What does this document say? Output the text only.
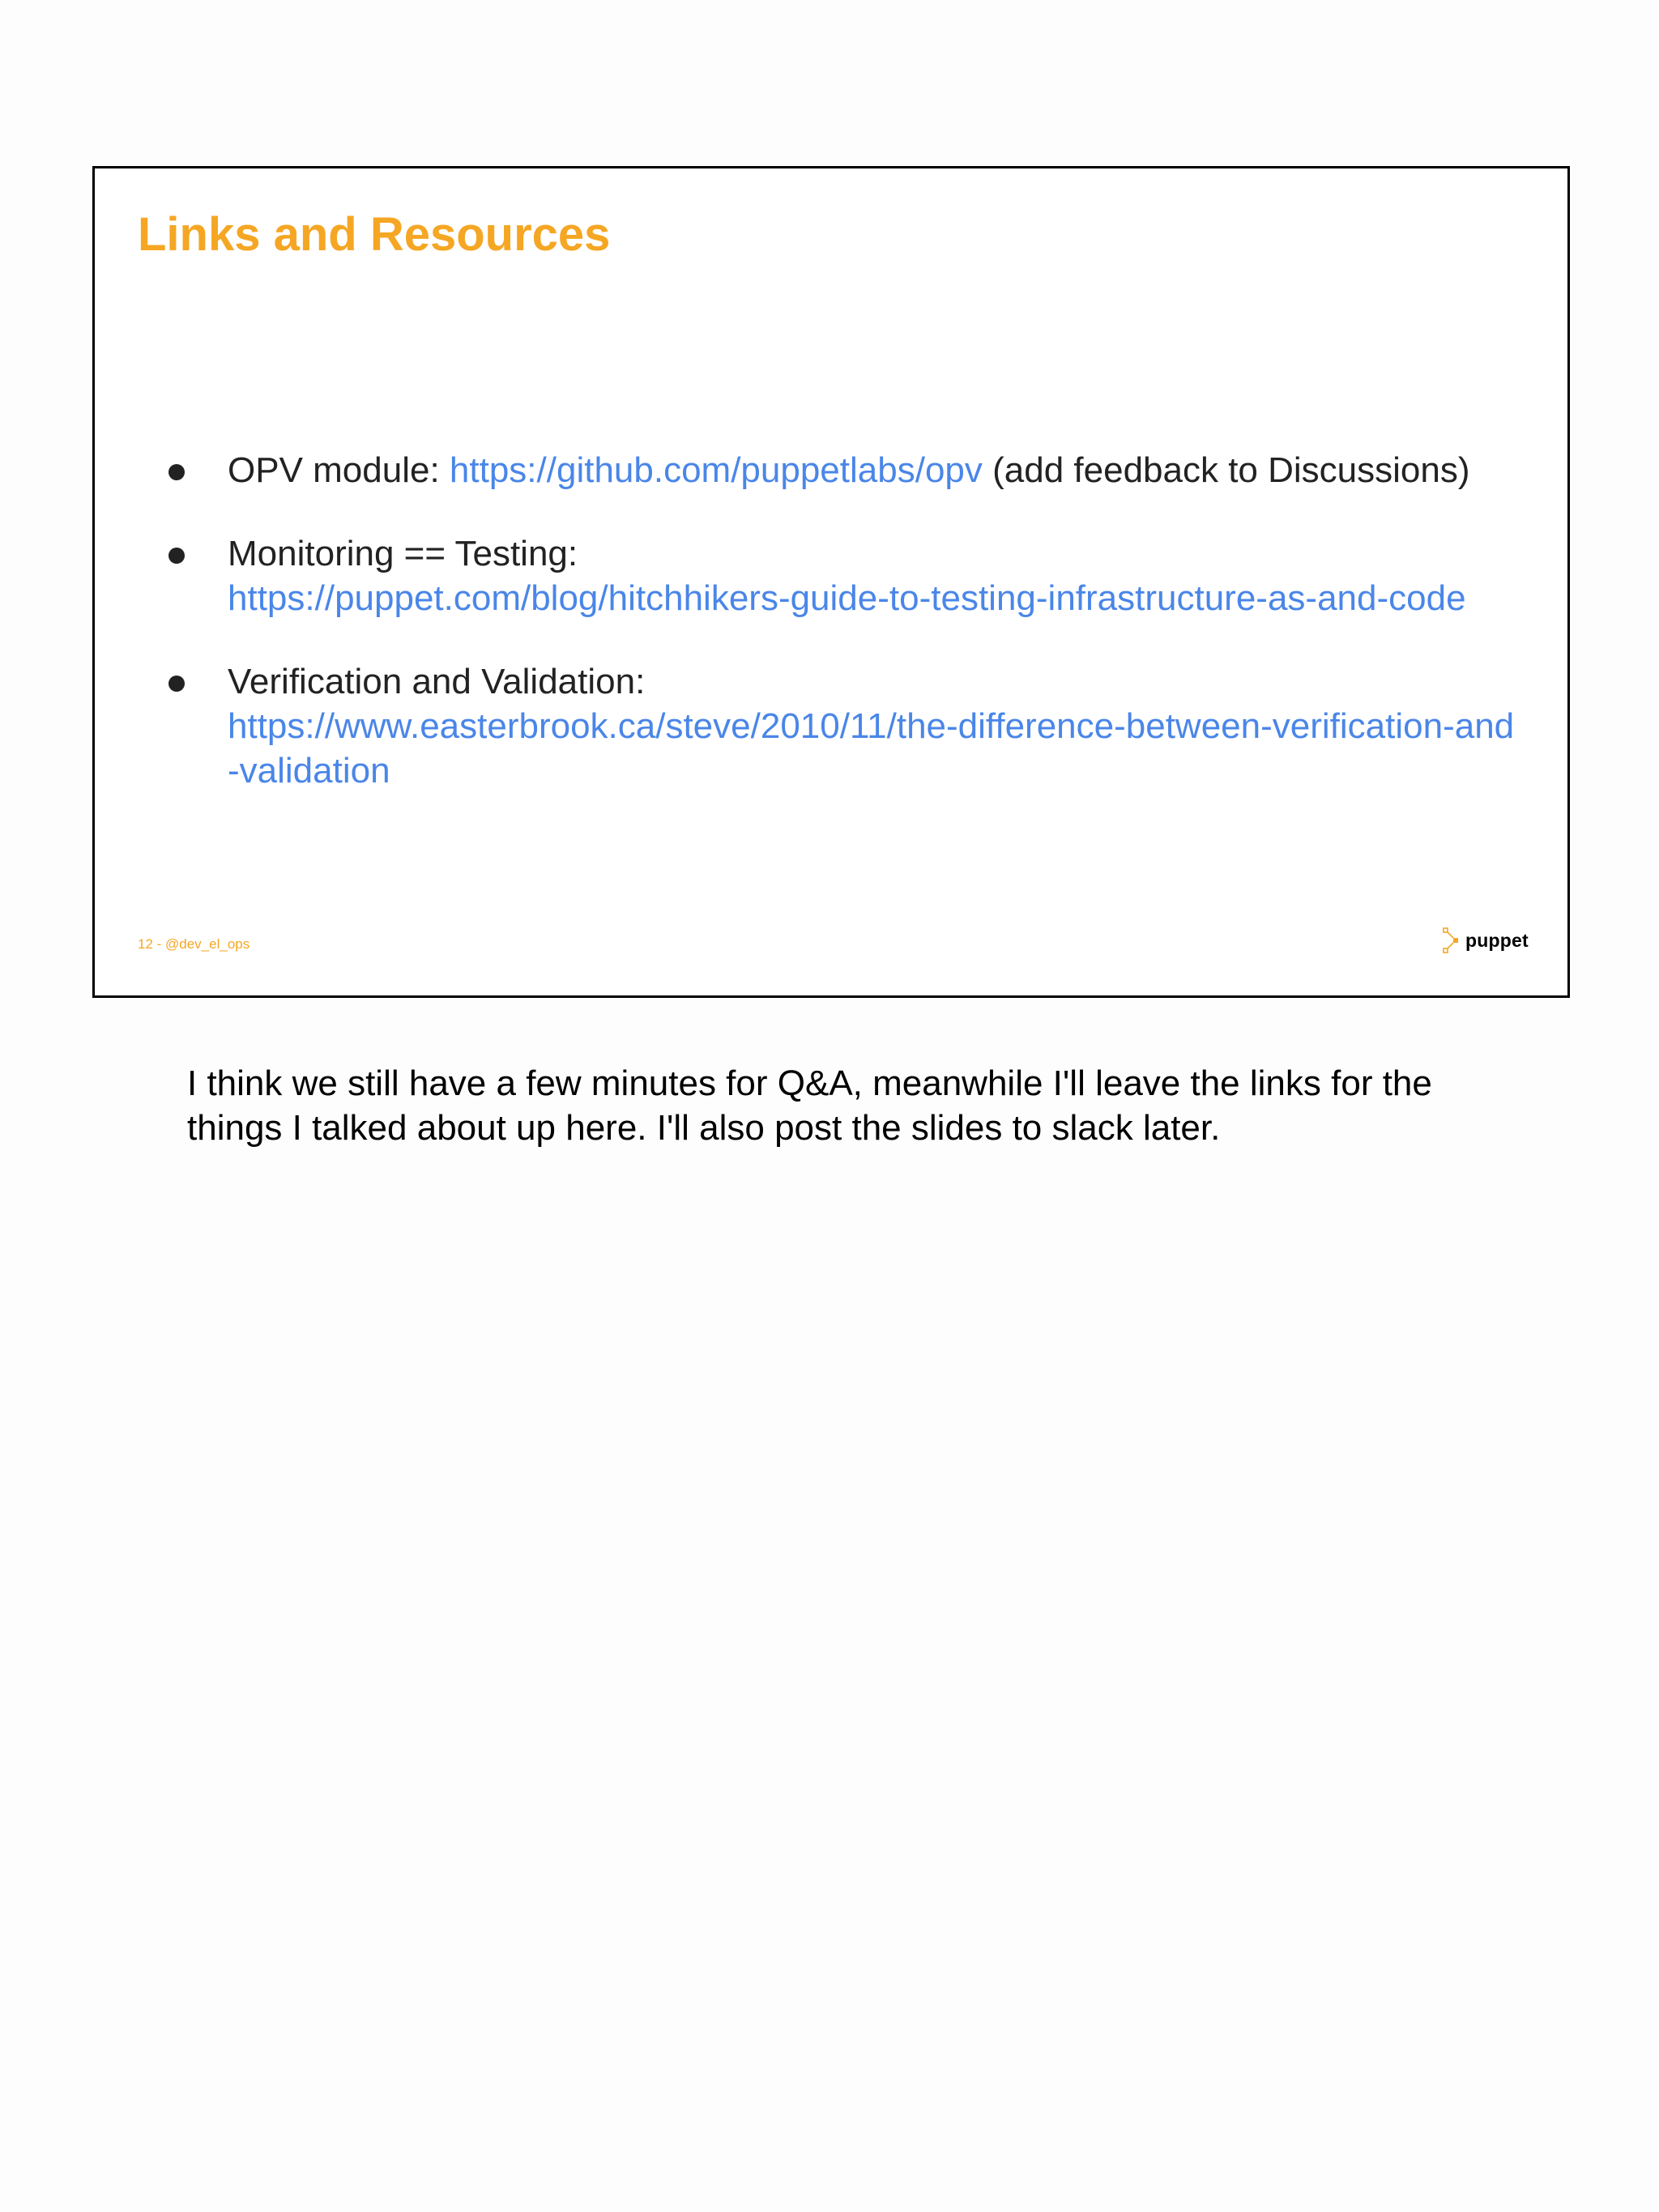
Links and Resources
OPV module: https://github.com/puppetlabs/opv (add feedback to Discussions)
Monitoring == Testing:
https://puppet.com/blog/hitchhikers-guide-to-testing-infrastructure-as-and-code
Verification and Validation:
https://www.easterbrook.ca/steve/2010/11/the-difference-between-verification-and-validation
12 - @dev_el_ops	puppet

I think we still have a few minutes for Q&A, meanwhile I'll leave the links for the things I talked about up here. I'll also post the slides to slack later.
